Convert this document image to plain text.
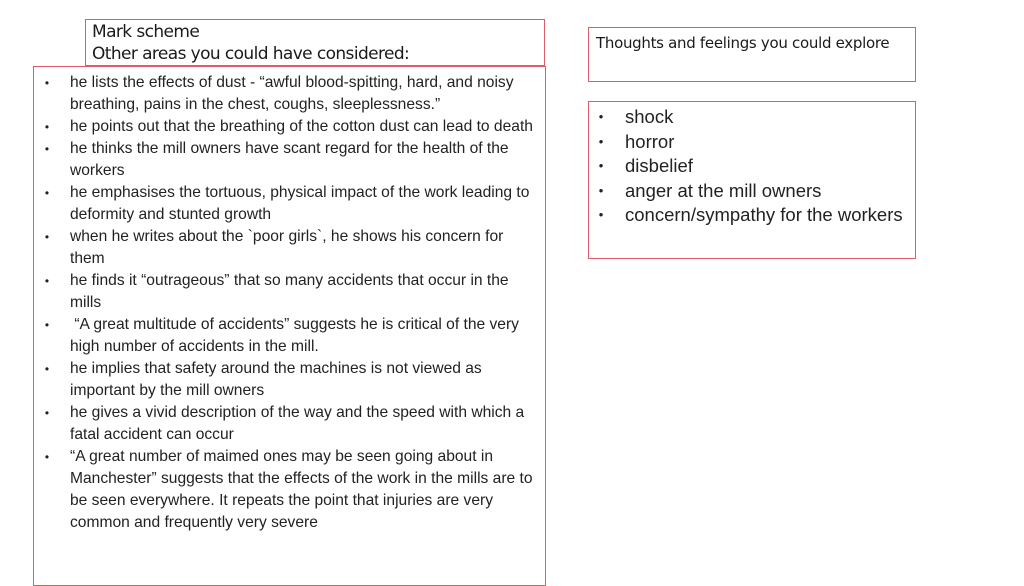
Mark scheme
Other areas you could have considered:
• he lists the effects of dust - “awful blood-spitting, hard, and noisy breathing, pains in the chest, coughs, sleeplessness.”
• he points out that the breathing of the cotton dust can lead to death
• he thinks the mill owners have scant regard for the health of the workers
• he emphasises the tortuous, physical impact of the work leading to deformity and stunted growth
• when he writes about the `poor girls`, he shows his concern for them
• he finds it “outrageous” that so many accidents that occur in the mills
• “A great multitude of accidents” suggests he is critical of the very high number of accidents in the mill.
• he implies that safety around the machines is not viewed as important by the mill owners
• he gives a vivid description of the way and the speed with which a fatal accident can occur
• “A great number of maimed ones may be seen going about in Manchester” suggests that the effects of the work in the mills are to be seen everywhere. It repeats the point that injuries are very common and frequently very severe
Thoughts and feelings you could explore
• shock
• horror
• disbelief
• anger at the mill owners
• concern/sympathy for the workers
